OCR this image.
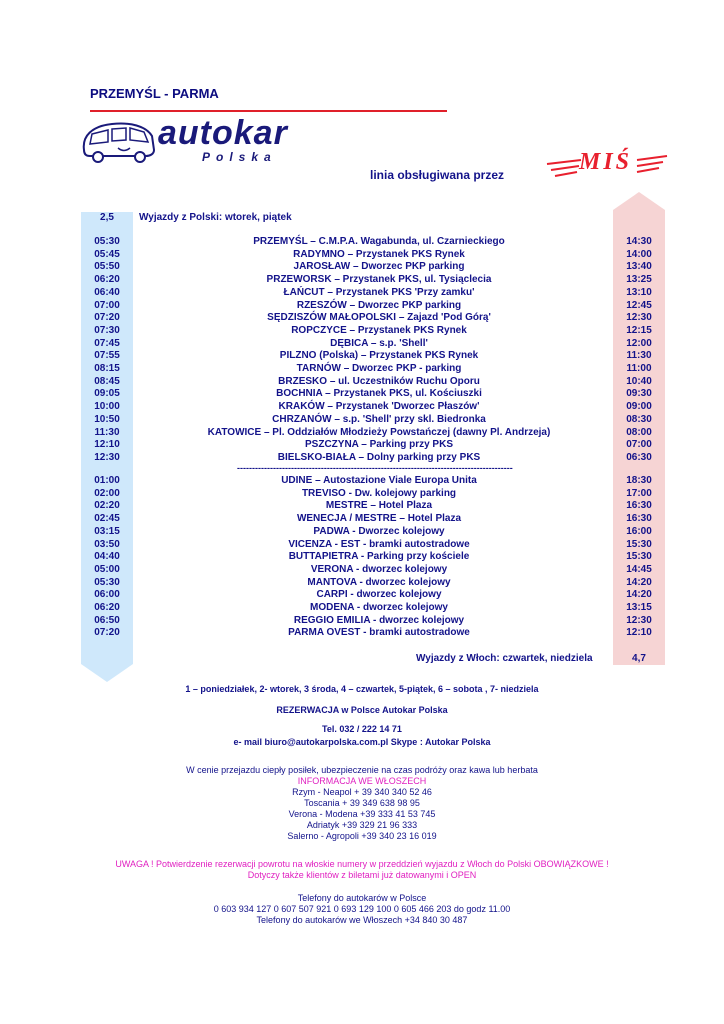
PRZEMYŚL - PARMA
autokar
Polska
linia obsługiwana przez	MIŚ
2,5	Wyjazdy z Polski: wtorek, piątek
05:30	PRZEMYŚL – C.M.P.A. Wagabunda, ul. Czarnieckiego	14:30
05:45	RADYMNO – Przystanek PKS Rynek	14:00
05:50	JAROSŁAW – Dworzec PKP parking	13:40
06:20	PRZEWORSK – Przystanek PKS, ul. Tysiąclecia	13:25
06:40	ŁAŃCUT – Przystanek PKS 'Przy zamku'	13:10
07:00	RZESZÓW – Dworzec PKP parking	12:45
07:20	SĘDZISZÓW MAŁOPOLSKI – Zajazd 'Pod Górą'	12:30
07:30	ROPCZYCE – Przystanek PKS Rynek	12:15
07:45	DĘBICA – s.p. 'Shell'	12:00
07:55	PILZNO (Polska) – Przystanek PKS Rynek	11:30
08:15	TARNÓW – Dworzec PKP - parking	11:00
08:45	BRZESKO – ul. Uczestników Ruchu Oporu	10:40
09:05	BOCHNIA – Przystanek PKS, ul. Kościuszki	09:30
10:00	KRAKÓW – Przystanek 'Dworzec Płaszów'	09:00
10:50	CHRZANÓW – s.p. 'Shell' przy skl. Biedronka	08:30
11:30	KATOWICE – Pl. Oddziałów Młodzieży Powstańczej (dawny Pl. Andrzeja)	08:00
12:10	PSZCZYNA – Parking przy PKS	07:00
12:30	BIELSKO-BIAŁA – Dolny parking przy PKS	06:30
01:00	UDINE – Autostazione Viale Europa Unita	18:30
02:00	TREVISO - Dw. kolejowy parking	17:00
02:20	MESTRE – Hotel Plaza	16:30
02:45	WENECJA / MESTRE – Hotel Plaza	16:30
03:15	PADWA - Dworzec kolejowy	16:00
03:50	VICENZA - EST - bramki autostradowe	15:30
04:40	BUTTAPIETRA - Parking przy kościele	15:30
05:00	VERONA - dworzec kolejowy	14:45
05:30	MANTOVA - dworzec kolejowy	14:20
06:00	CARPI - dworzec kolejowy	14:20
06:20	MODENA - dworzec kolejowy	13:15
06:50	REGGIO EMILIA - dworzec kolejowy	12:30
07:20	PARMA OVEST - bramki autostradowe	12:10
--------------------------------------------------------------------------------------------
Wyjazdy z Włoch: czwartek, niedziela	4,7
1 – poniedziałek, 2- wtorek, 3 środa, 4 – czwartek, 5-piątek, 6 – sobota , 7- niedziela
REZERWACJA w Polsce Autokar Polska
Tel. 032 / 222 14 71
e- mail biuro@autokarpolska.com.pl Skype : Autokar Polska
W cenie przejazdu ciepły posiłek, ubezpieczenie na czas podróży oraz kawa lub herbata
INFORMACJA WE WŁOSZECH
Rzym - Neapol + 39 340 340 52 46
Toscania + 39 349 638 98 95
Verona - Modena +39 333 41 53 745
Adriatyk +39 329 21 96 333
Salerno - Agropoli +39 340 23 16 019
UWAGA ! Potwierdzenie rezerwacji powrotu na włoskie numery w przeddzień wyjazdu z Włoch do Polski OBOWIĄZKOWE !
Dotyczy także klientów z biletami już datowanymi i OPEN
Telefony do autokarów w Polsce
0 603 934 127 0 607 507 921 0 693 129 100 0 605 466 203 do godz 11.00
Telefony do autokarów we Włoszech +34 840 30 487
